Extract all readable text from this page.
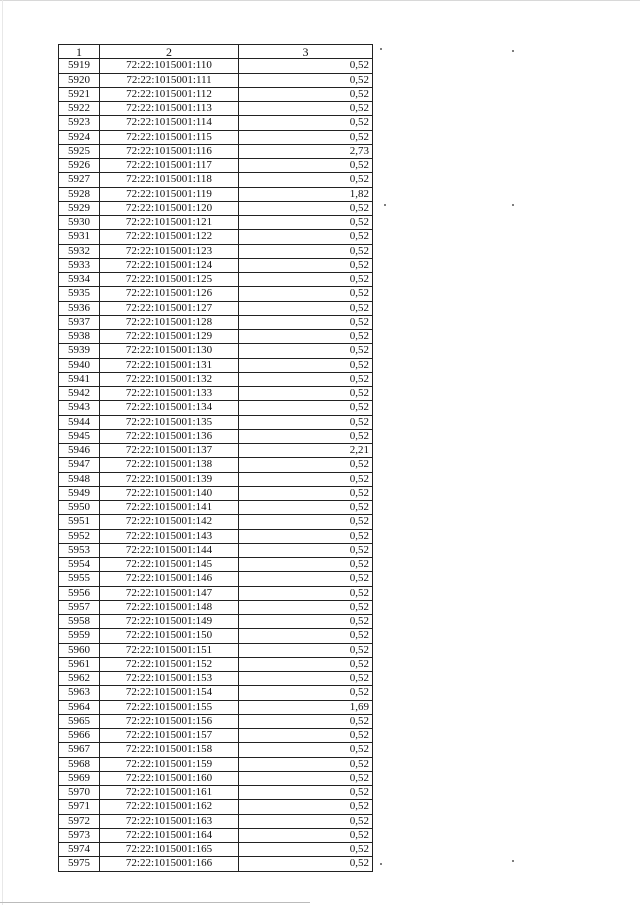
1	2	3
5919	72:22:1015001:110	0,52
5920	72:22:1015001:111	0,52
5921	72:22:1015001:112	0,52
5922	72:22:1015001:113	0,52
5923	72:22:1015001:114	0,52
5924	72:22:1015001:115	0,52
5925	72:22:1015001:116	2,73
5926	72:22:1015001:117	0,52
5927	72:22:1015001:118	0,52
5928	72:22:1015001:119	1,82
5929	72:22:1015001:120	0,52
5930	72:22:1015001:121	0,52
5931	72:22:1015001:122	0,52
5932	72:22:1015001:123	0,52
5933	72:22:1015001:124	0,52
5934	72:22:1015001:125	0,52
5935	72:22:1015001:126	0,52
5936	72:22:1015001:127	0,52
5937	72:22:1015001:128	0,52
5938	72:22:1015001:129	0,52
5939	72:22:1015001:130	0,52
5940	72:22:1015001:131	0,52
5941	72:22:1015001:132	0,52
5942	72:22:1015001:133	0,52
5943	72:22:1015001:134	0,52
5944	72:22:1015001:135	0,52
5945	72:22:1015001:136	0,52
5946	72:22:1015001:137	2,21
5947	72:22:1015001:138	0,52
5948	72:22:1015001:139	0,52
5949	72:22:1015001:140	0,52
5950	72:22:1015001:141	0,52
5951	72:22:1015001:142	0,52
5952	72:22:1015001:143	0,52
5953	72:22:1015001:144	0,52
5954	72:22:1015001:145	0,52
5955	72:22:1015001:146	0,52
5956	72:22:1015001:147	0,52
5957	72:22:1015001:148	0,52
5958	72:22:1015001:149	0,52
5959	72:22:1015001:150	0,52
5960	72:22:1015001:151	0,52
5961	72:22:1015001:152	0,52
5962	72:22:1015001:153	0,52
5963	72:22:1015001:154	0,52
5964	72:22:1015001:155	1,69
5965	72:22:1015001:156	0,52
5966	72:22:1015001:157	0,52
5967	72:22:1015001:158	0,52
5968	72:22:1015001:159	0,52
5969	72:22:1015001:160	0,52
5970	72:22:1015001:161	0,52
5971	72:22:1015001:162	0,52
5972	72:22:1015001:163	0,52
5973	72:22:1015001:164	0,52
5974	72:22:1015001:165	0,52
5975	72:22:1015001:166	0,52
